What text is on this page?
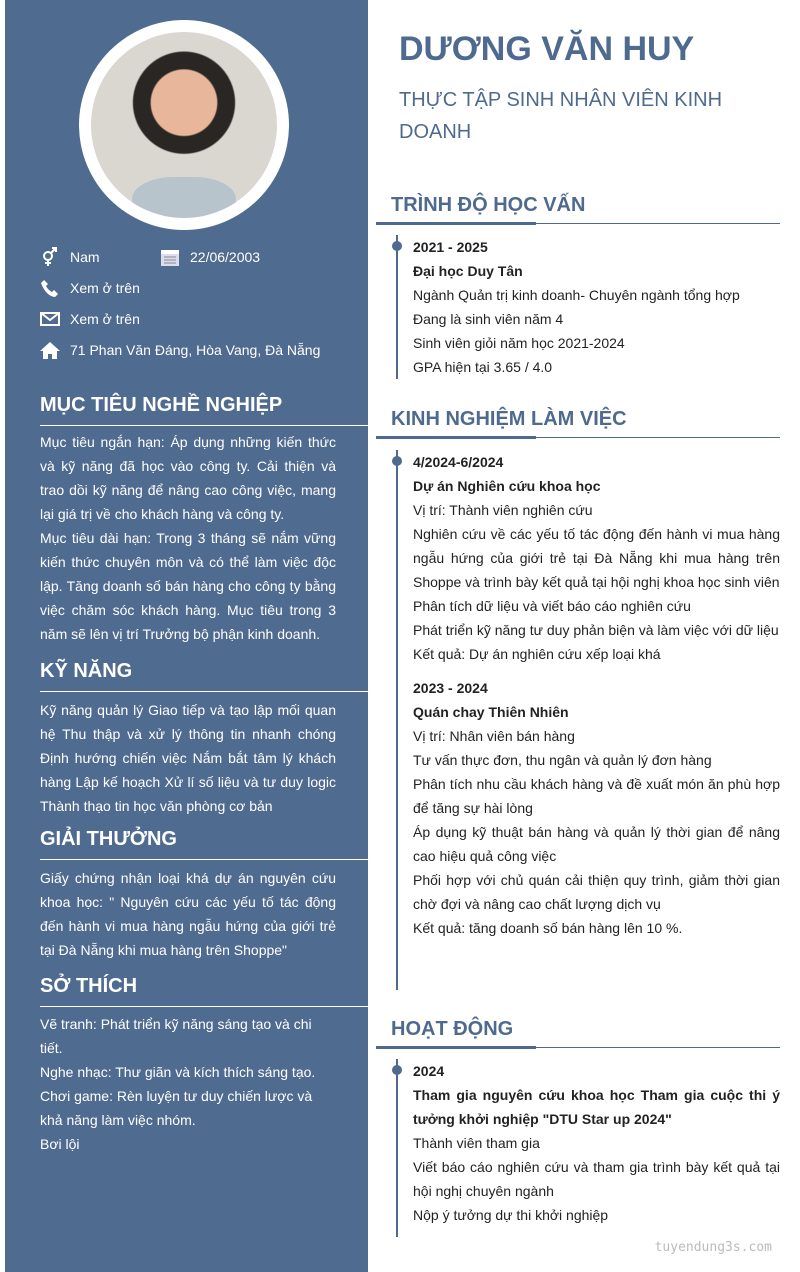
Nam	22/06/2003
Xem ở trên
Xem ở trên
71 Phan Văn Đáng, Hòa Vang, Đà Nẵng
MỤC TIÊU NGHỀ NGHIỆP
Mục tiêu ngắn hạn: Áp dụng những kiến thức và kỹ năng đã học vào công ty. Cải thiện và trao dồi kỹ năng để nâng cao công việc, mang lại giá trị về cho khách hàng và công ty.
Mục tiêu dài hạn: Trong 3 tháng sẽ nắm vững kiến thức chuyên môn và có thể làm việc độc lập. Tăng doanh số bán hàng cho công ty bằng việc chăm sóc khách hàng. Mục tiêu trong 3 năm sẽ lên vị trí Trưởng bộ phận kinh doanh.
KỸ NĂNG
Kỹ năng quản lý Giao tiếp và tạo lập mối quan hệ Thu thập và xử lý thông tin nhanh chóng Định hướng chiến việc Nắm bắt tâm lý khách hàng Lập kế hoạch Xử lí số liệu và tư duy logic Thành thạo tin học văn phòng cơ bản
GIẢI THƯỞNG
Giấy chứng nhận loại khá dự án nguyên cứu khoa học: " Nguyên cứu các yếu tố tác động đến hành vi mua hàng ngẫu hứng của giới trẻ tại Đà Nẵng khi mua hàng trên Shoppe"
SỞ THÍCH
Vẽ tranh: Phát triển kỹ năng sáng tạo và chi tiết.
Nghe nhạc: Thư giãn và kích thích sáng tạo.
Chơi game: Rèn luyện tư duy chiến lược và khả năng làm việc nhóm.
Bơi lội
DƯƠNG VĂN HUY
THỰC TẬP SINH NHÂN VIÊN KINH DOANH
TRÌNH ĐỘ HỌC VẤN
2021 - 2025
Đại học Duy Tân
Ngành Quản trị kinh doanh- Chuyên ngành tổng hợp
Đang là sinh viên năm 4
Sinh viên giỏi năm học 2021-2024
GPA hiện tại 3.65 / 4.0
KINH NGHIỆM LÀM VIỆC
4/2024-6/2024
Dự án Nghiên cứu khoa học
Vị trí: Thành viên nghiên cứu
Nghiên cứu về các yếu tố tác động đến hành vi mua hàng ngẫu hứng của giới trẻ tại Đà Nẵng khi mua hàng trên Shoppe và trình bày kết quả tại hội nghị khoa học sinh viên
Phân tích dữ liệu và viết báo cáo nghiên cứu
Phát triển kỹ năng tư duy phản biện và làm việc với dữ liệu
Kết quả: Dự án nghiên cứu xếp loại khá
2023 - 2024
Quán chay Thiên Nhiên
Vị trí: Nhân viên bán hàng
Tư vấn thực đơn, thu ngân và quản lý đơn hàng
Phân tích nhu cầu khách hàng và đề xuất món ăn phù hợp để tăng sự hài lòng
Áp dụng kỹ thuật bán hàng và quản lý thời gian để nâng cao hiệu quả công việc
Phối hợp với chủ quán cải thiện quy trình, giảm thời gian chờ đợi và nâng cao chất lượng dịch vụ
Kết quả: tăng doanh số bán hàng lên 10 %.
HOẠT ĐỘNG
2024
Tham gia nguyên cứu khoa học Tham gia cuộc thi ý tưởng khởi nghiệp "DTU Star up 2024"
Thành viên tham gia
Viết báo cáo nghiên cứu và tham gia trình bày kết quả tại hội nghị chuyên ngành
Nộp ý tưởng dự thi khởi nghiệp
tuyendung3s.com
